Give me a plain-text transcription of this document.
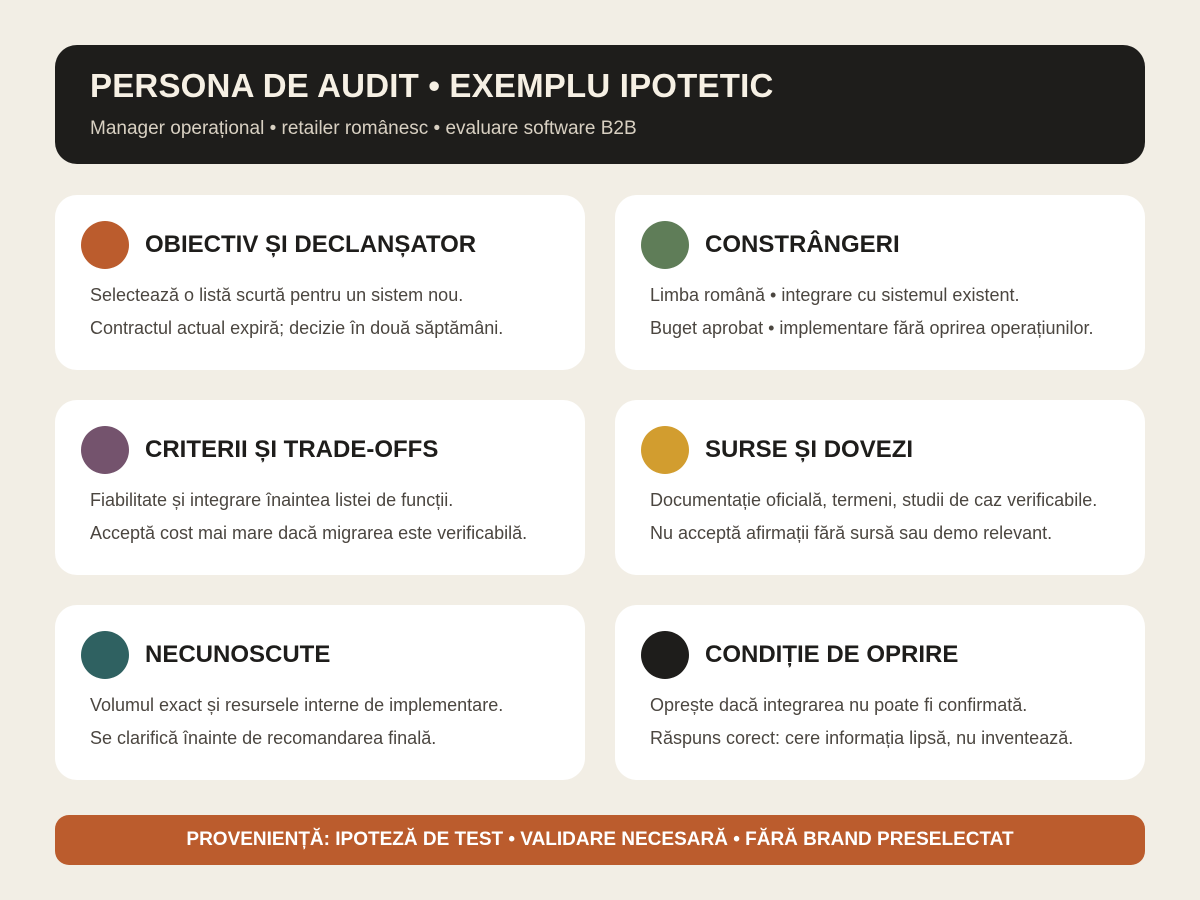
PERSONA DE AUDIT • EXEMPLU IPOTETIC
Manager operațional • retailer românesc • evaluare software B2B
OBIECTIV ȘI DECLANȘATOR
Selectează o listă scurtă pentru un sistem nou.
Contractul actual expiră; decizie în două săptămâni.
CONSTRÂNGERI
Limba română • integrare cu sistemul existent.
Buget aprobat • implementare fără oprirea operațiunilor.
CRITERII ȘI TRADE-OFFS
Fiabilitate și integrare înaintea listei de funcții.
Acceptă cost mai mare dacă migrarea este verificabilă.
SURSE ȘI DOVEZI
Documentație oficială, termeni, studii de caz verificabile.
Nu acceptă afirmații fără sursă sau demo relevant.
NECUNOSCUTE
Volumul exact și resursele interne de implementare.
Se clarifică înainte de recomandarea finală.
CONDIȚIE DE OPRIRE
Oprește dacă integrarea nu poate fi confirmată.
Răspuns corect: cere informația lipsă, nu inventează.
PROVENIENȚĂ: IPOTEZĂ DE TEST • VALIDARE NECESARĂ • FĂRĂ BRAND PRESELECTAT
